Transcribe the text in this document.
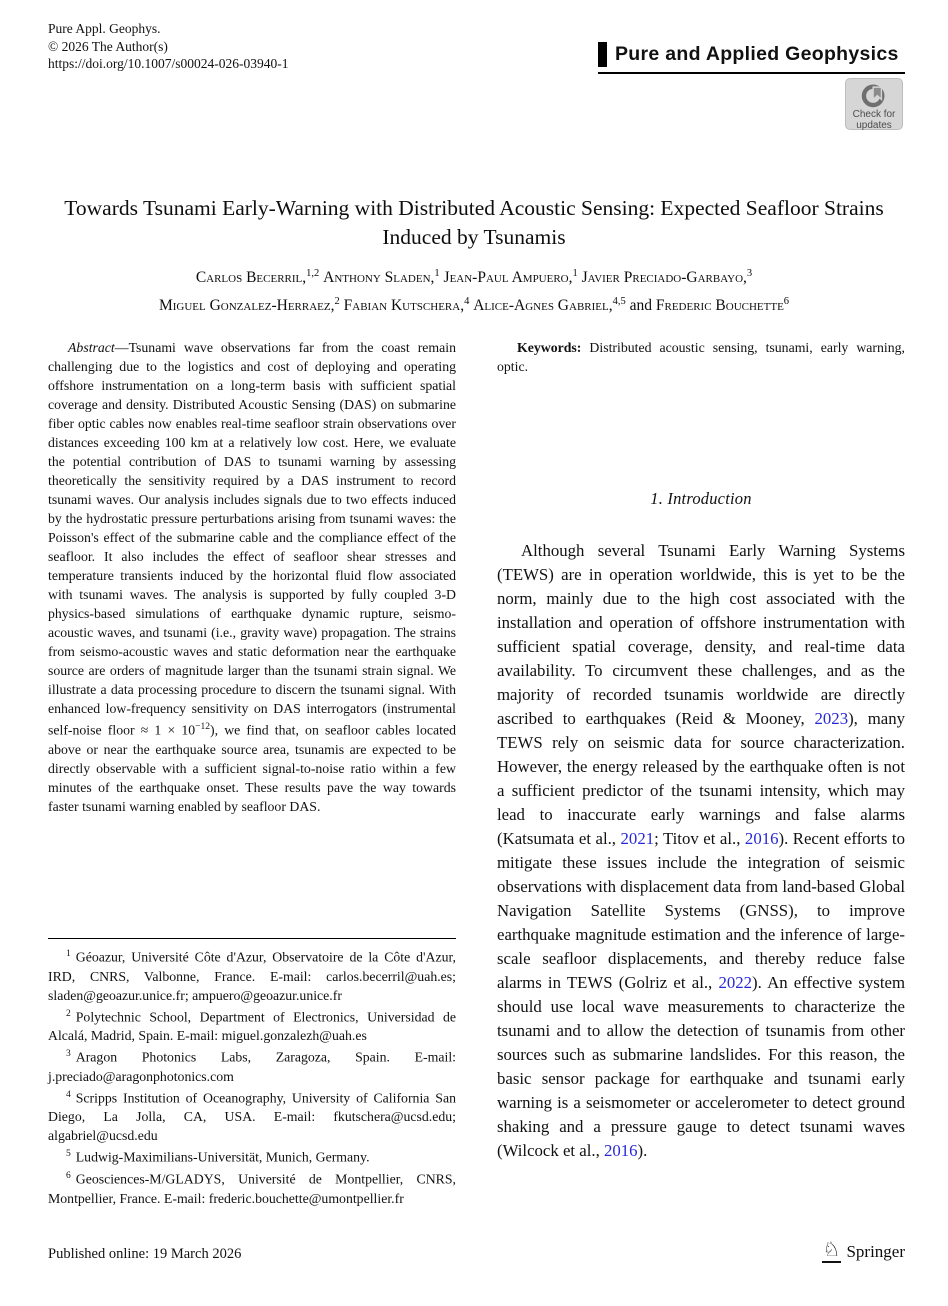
Pure Appl. Geophys.
© 2026 The Author(s)
https://doi.org/10.1007/s00024-026-03940-1	Pure and Applied Geophysics
Check for
updates
Towards Tsunami Early-Warning with Distributed Acoustic Sensing: Expected Seafloor Strains Induced by Tsunamis
Carlos Becerril,$^{1,2}$ Anthony Sladen,$^1$ Jean-Paul Ampuero,$^1$ Javier Preciado-Garbayo,$^3$
Miguel Gonzalez-Herraez,$^2$ Fabian Kutschera,$^4$ Alice-Agnes Gabriel,$^{4,5}$ and Frederic Bouchette$^6$

Abstract—Tsunami wave observations far from the coast remain challenging due to the logistics and cost of deploying and operating offshore instrumentation on a long-term basis with sufficient spatial coverage and density. Distributed Acoustic Sensing (DAS) on submarine fiber optic cables now enables real-time seafloor strain observations over distances exceeding 100 km at a relatively low cost. Here, we evaluate the potential contribution of DAS to tsunami warning by assessing theoretically the sensitivity required by a DAS instrument to record tsunami waves. Our analysis includes signals due to two effects induced by the hydrostatic pressure perturbations arising from tsunami waves: the Poisson's effect of the submarine cable and the compliance effect of the seafloor. It also includes the effect of seafloor shear stresses and temperature transients induced by the horizontal fluid flow associated with tsunami waves. The analysis is supported by fully coupled 3-D physics-based simulations of earthquake dynamic rupture, seismo-acoustic waves, and tsunami (i.e., gravity wave) propagation. The strains from seismo-acoustic waves and static deformation near the earthquake source are orders of magnitude larger than the tsunami strain signal. We illustrate a data processing procedure to discern the tsunami signal. With enhanced low-frequency sensitivity on DAS interrogators (instrumental self-noise floor ≈ $1 \times 10^{-12}$), we find that, on seafloor cables located above or near the earthquake source area, tsunamis are expected to be directly observable with a sufficient signal-to-noise ratio within a few minutes of the earthquake onset. These results pave the way towards faster tsunami warning enabled by seafloor DAS.

$^1$ Géoazur, Université Côte d'Azur, Observatoire de la Côte d'Azur, IRD, CNRS, Valbonne, France. E-mail: carlos.becerril@uah.es; sladen@geoazur.unice.fr; ampuero@geoazur.unice.fr

$^2$ Polytechnic School, Department of Electronics, Universidad de Alcalá, Madrid, Spain. E-mail: miguel.gonzalezh@uah.es

$^3$ Aragon Photonics Labs, Zaragoza, Spain. E-mail: j.preciado@aragonphotonics.com

$^4$ Scripps Institution of Oceanography, University of California San Diego, La Jolla, CA, USA. E-mail: fkutschera@ucsd.edu; algabriel@ucsd.edu

$^5$ Ludwig-Maximilians-Universität, Munich, Germany.

$^6$ Geosciences-M/GLADYS, Université de Montpellier, CNRS, Montpellier, France. E-mail: frederic.bouchette@umontpellier.fr

Keywords: Distributed acoustic sensing, tsunami, early warning, optic.

1. Introduction

Although several Tsunami Early Warning Systems (TEWS) are in operation worldwide, this is yet to be the norm, mainly due to the high cost associated with the installation and operation of offshore instrumentation with sufficient spatial coverage, density, and real-time data availability. To circumvent these challenges, and as the majority of recorded tsunamis worldwide are directly ascribed to earthquakes (Reid & Mooney, 2023), many TEWS rely on seismic data for source characterization. However, the energy released by the earthquake often is not a sufficient predictor of the tsunami intensity, which may lead to inaccurate early warnings and false alarms (Katsumata et al., 2021; Titov et al., 2016). Recent efforts to mitigate these issues include the integration of seismic observations with displacement data from land-based Global Navigation Satellite Systems (GNSS), to improve earthquake magnitude estimation and the inference of large-scale seafloor displacements, and thereby reduce false alarms in TEWS (Golriz et al., 2022). An effective system should use local wave measurements to characterize the tsunami and to allow the detection of tsunamis from other sources such as submarine landslides. For this reason, the basic sensor package for earthquake and tsunami early warning is a seismometer or accelerometer to detect ground shaking and a pressure gauge to detect tsunami waves (Wilcock et al., 2016).

Published online: 19 March 2026	♘ Springer
